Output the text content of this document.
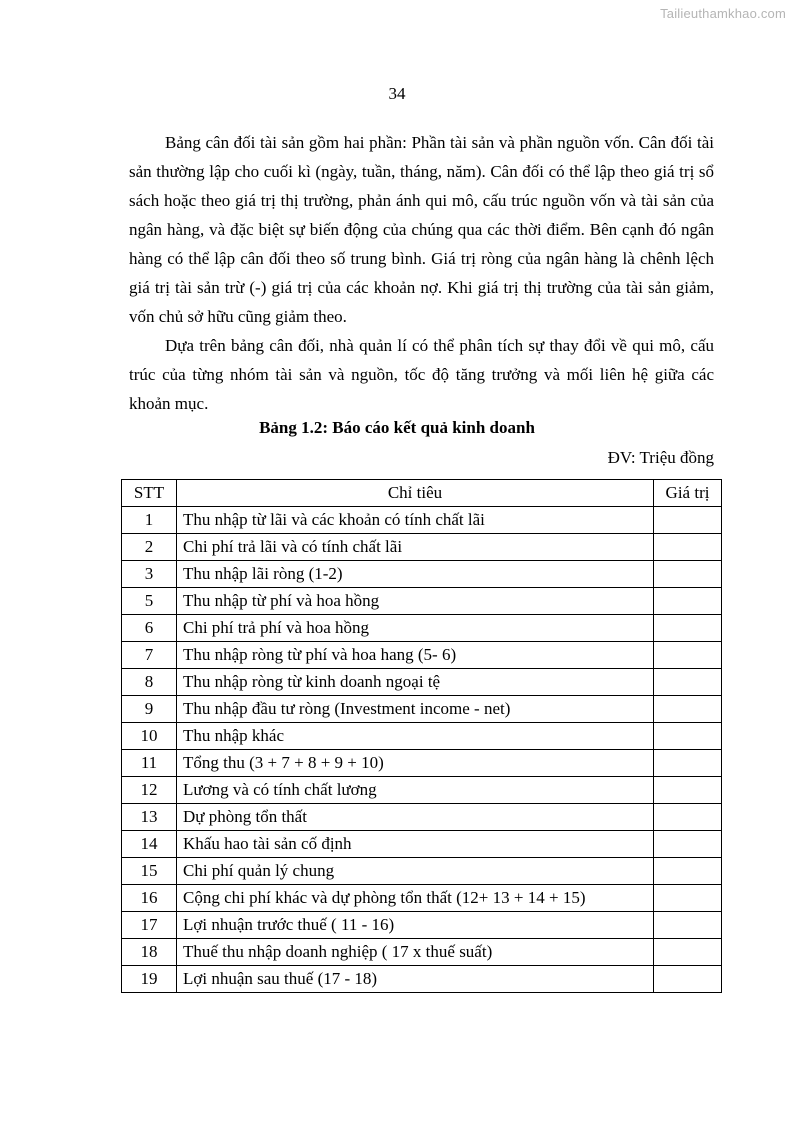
Tailieuthamkhao.com
34

Bảng cân đối tài sản gồm hai phần: Phần tài sản và phần nguồn vốn. Cân đối tài sản thường lập cho cuối kì (ngày, tuần, tháng, năm). Cân đối có thể lập theo giá trị sổ sách hoặc theo giá trị thị trường, phản ánh qui mô, cấu trúc nguồn vốn và tài sản của ngân hàng, và đặc biệt sự biến động của chúng qua các thời điểm. Bên cạnh đó ngân hàng có thể lập cân đối theo số trung bình. Giá trị ròng của ngân hàng là chênh lệch giá trị tài sản trừ (-) giá trị của các khoản nợ. Khi giá trị thị trường của tài sản giảm, vốn chủ sở hữu cũng giảm theo.

Dựa trên bảng cân đối, nhà quản lí có thể phân tích sự thay đổi về qui mô, cấu trúc của từng nhóm tài sản và nguồn, tốc độ tăng trưởng và mối liên hệ giữa các khoản mục.

Bảng 1.2: Báo cáo kết quả kinh doanh
ĐV: Triệu đồng
STT	Chỉ tiêu	Giá trị
1	Thu nhập từ lãi và các khoản có tính chất lãi	
2	Chi phí trả lãi và có tính chất lãi	
3	Thu nhập lãi ròng (1-2)	
5	Thu nhập từ phí và hoa hồng	
6	Chi phí trả phí và hoa hồng	
7	Thu nhập ròng từ phí và hoa hang (5- 6)	
8	Thu nhập ròng từ kinh doanh ngoại tệ	
9	Thu nhập đầu tư ròng (Investment income - net)	
10	Thu nhập khác	
11	Tổng thu (3 + 7 + 8 + 9 + 10)	
12	Lương và có tính chất lương	
13	Dự phòng tổn thất	
14	Khấu hao tài sản cố định	
15	Chi phí quản lý chung	
16	Cộng chi phí khác và dự phòng tổn thất (12+ 13 + 14 + 15)	
17	Lợi nhuận trước thuế ( 11 - 16)	
18	Thuế thu nhập doanh nghiệp ( 17 x thuế suất)	
19	Lợi nhuận sau thuế (17 - 18)	
